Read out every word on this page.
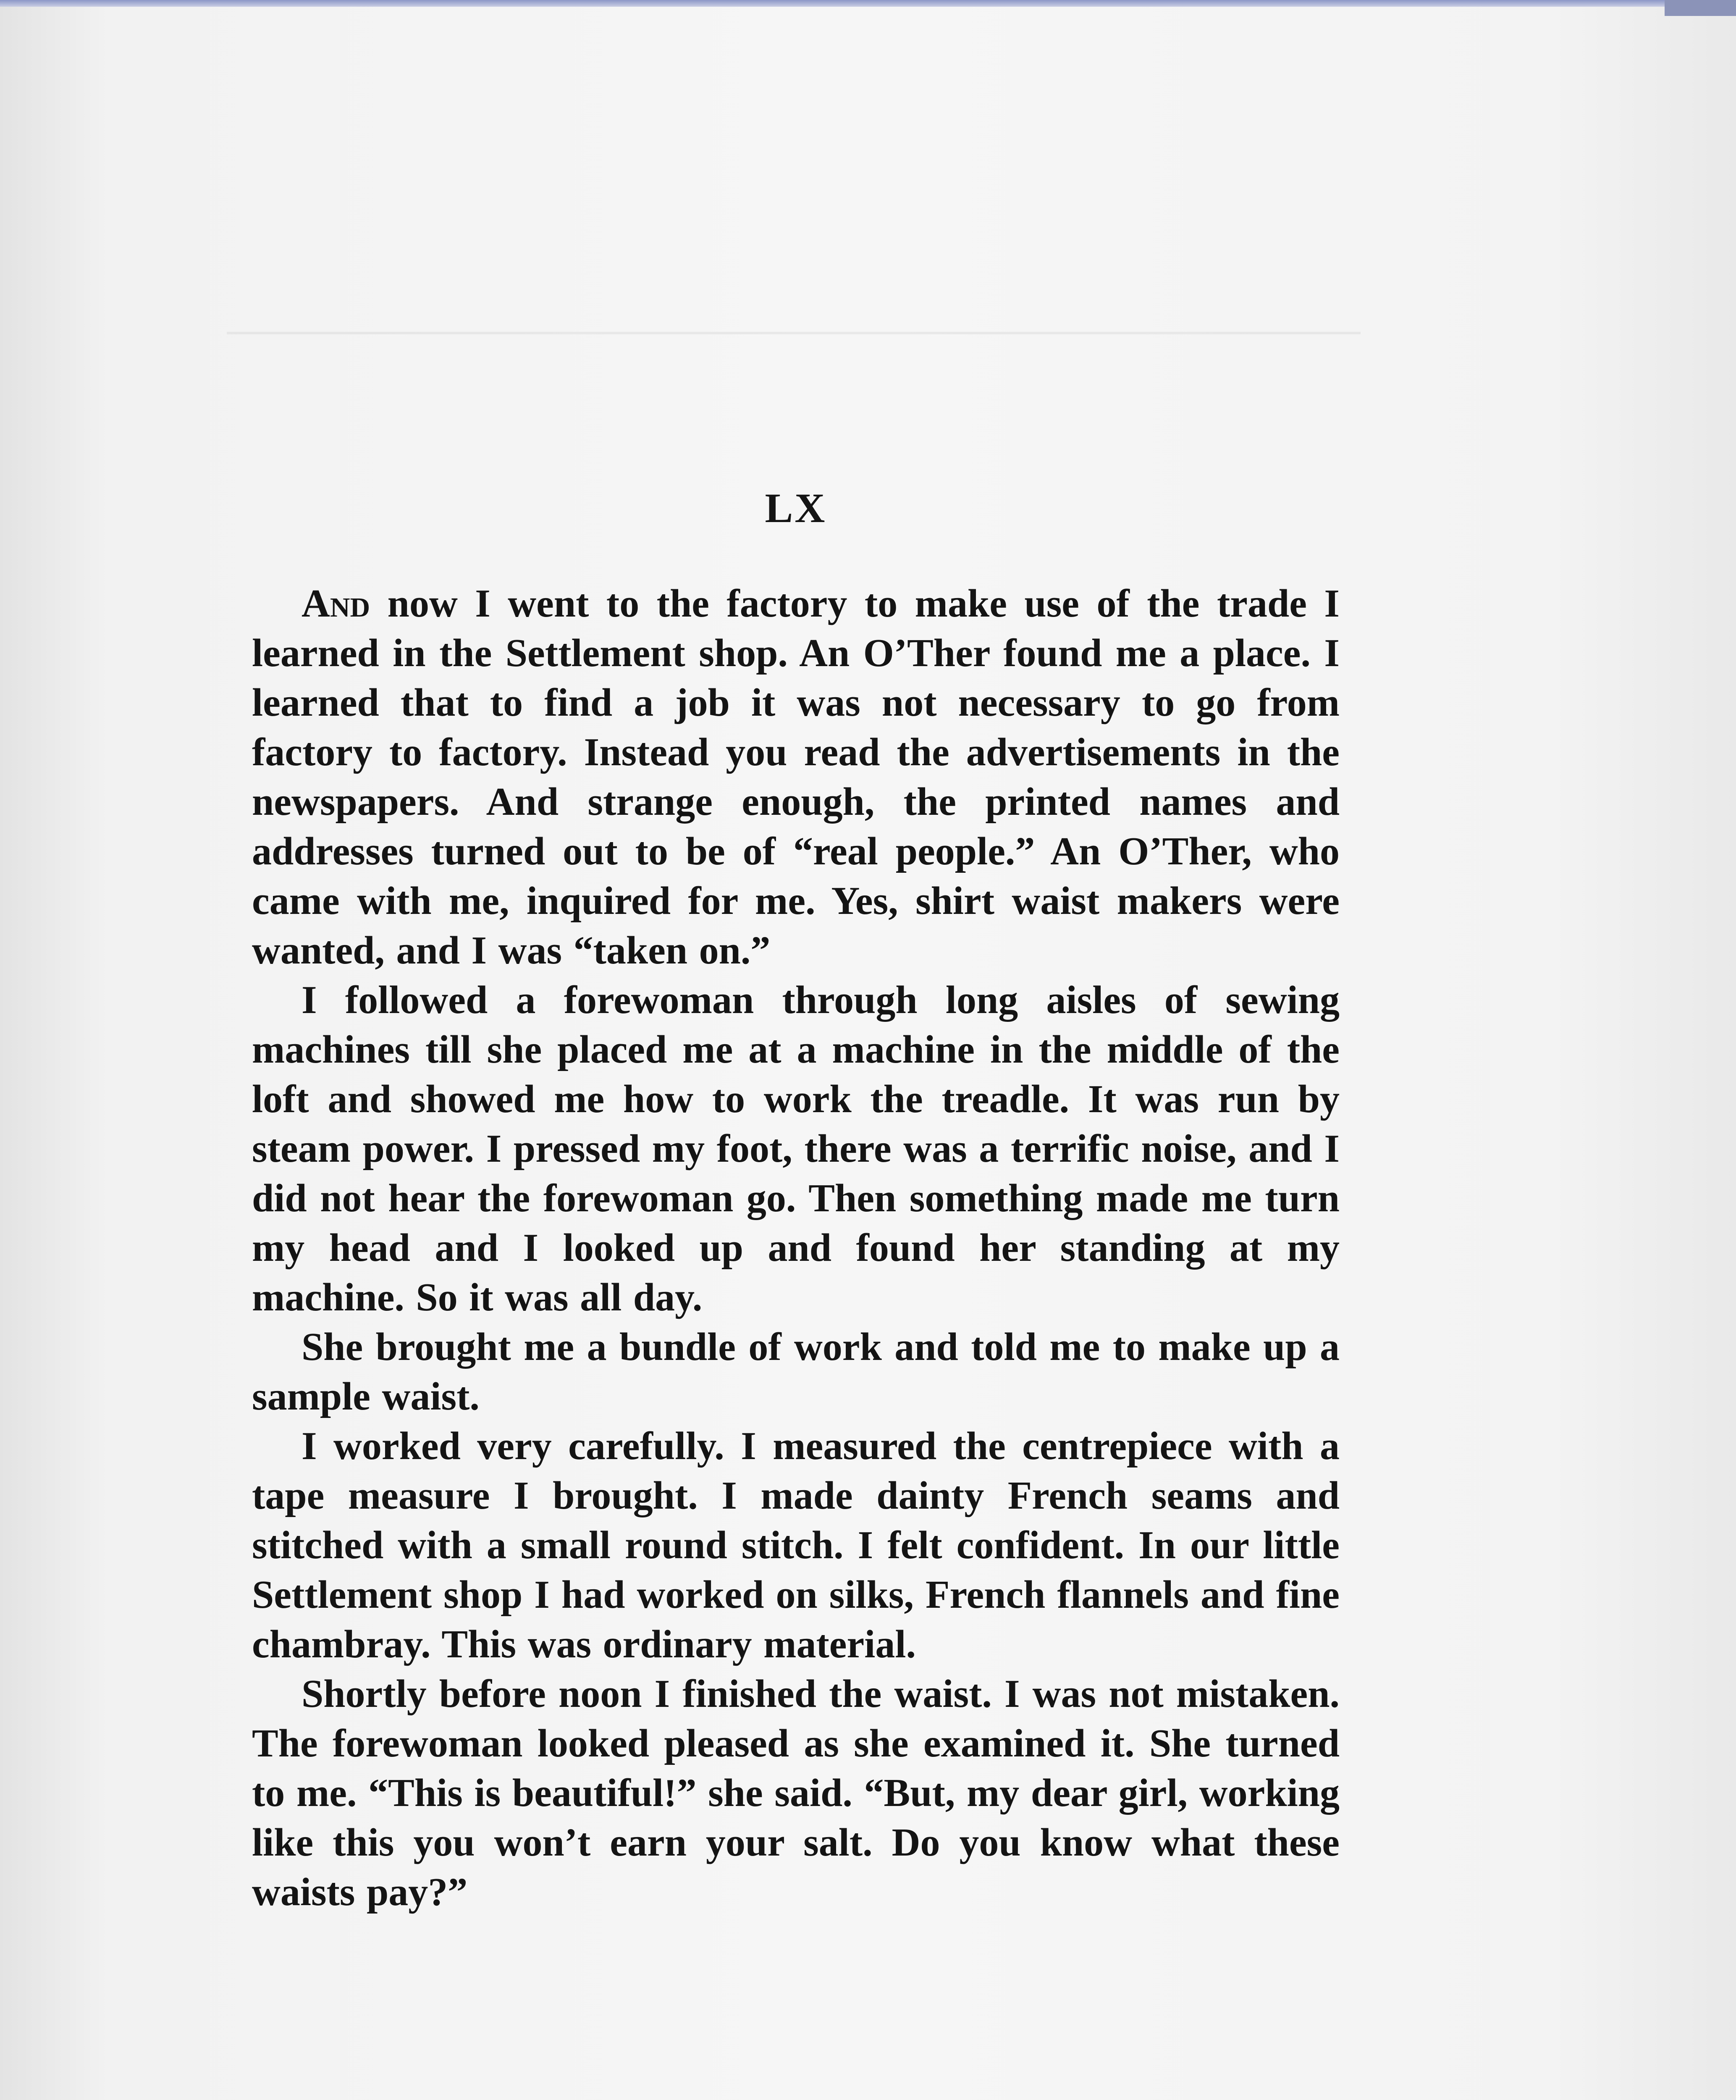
LX

And now I went to the factory to make use of the trade I learned in the Settlement shop. An O’Ther found me a place. I learned that to find a job it was not necessary to go from factory to factory. Instead you read the advertisements in the newspapers. And strange enough, the printed names and addresses turned out to be of “real people.” An O’Ther, who came with me, inquired for me. Yes, shirt waist makers were wanted, and I was “taken on.”

I followed a forewoman through long aisles of sewing machines till she placed me at a machine in the middle of the loft and showed me how to work the treadle. It was run by steam power. I pressed my foot, there was a terrific noise, and I did not hear the forewoman go. Then something made me turn my head and I looked up and found her standing at my machine. So it was all day.

She brought me a bundle of work and told me to make up a sample waist.

I worked very carefully. I measured the centrepiece with a tape measure I brought. I made dainty French seams and stitched with a small round stitch. I felt confident. In our little Settlement shop I had worked on silks, French flannels and fine chambray. This was ordinary material.

Shortly before noon I finished the waist. I was not mistaken. The forewoman looked pleased as she examined it. She turned to me. “This is beautiful!” she said. “But, my dear girl, working like this you won’t earn your salt. Do you know what these waists pay?”
